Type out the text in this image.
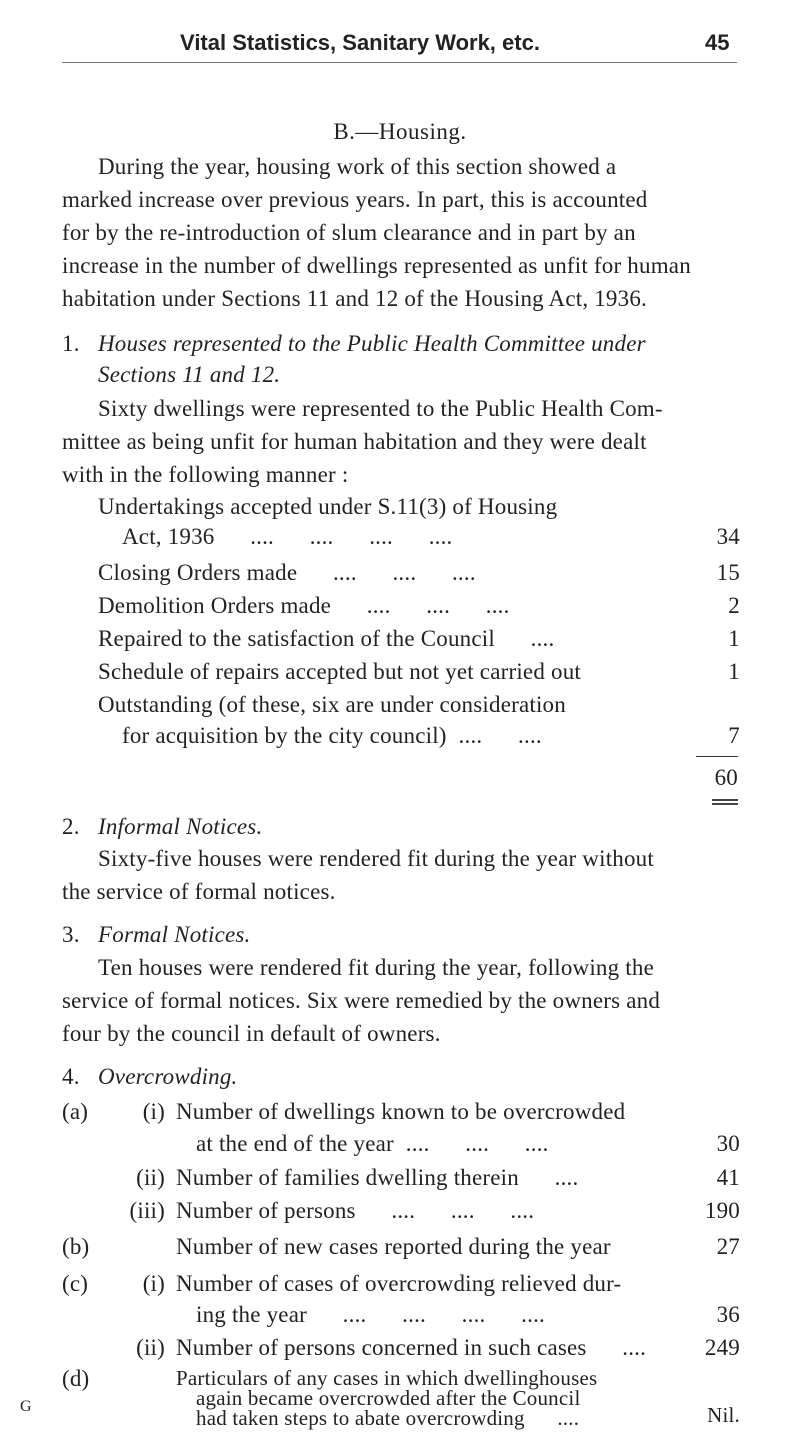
Vital Statistics, Sanitary Work, etc.	45
B.—Housing.
During the year, housing work of this section showed a
marked increase over previous years. In part, this is accounted
for by the re-introduction of slum clearance and in part by an
increase in the number of dwellings represented as unfit for human
habitation under Sections 11 and 12 of the Housing Act, 1936.
1. Houses represented to the Public Health Committee under
Sections 11 and 12.
Sixty dwellings were represented to the Public Health Com-
mittee as being unfit for human habitation and they were dealt
with in the following manner :
Undertakings accepted under S.11(3) of Housing
Act, 1936      ....      ....      ....      ....	34
Closing Orders made      ....      ....      ....	15
Demolition Orders made      ....      ....      ....	2
Repaired to the satisfaction of the Council      ....	1
Schedule of repairs accepted but not yet carried out	1
Outstanding (of these, six are under consideration
for acquisition by the city council)  ....      ....	7
60
2. Informal Notices.
Sixty-five houses were rendered fit during the year without
the service of formal notices.
3. Formal Notices.
Ten houses were rendered fit during the year, following the
service of formal notices. Six were remedied by the owners and
four by the council in default of owners.
4. Overcrowding.
(a)	(i) Number of dwellings known to be overcrowded
at the end of the year  ....      ....      ....	30
(ii) Number of families dwelling therein      ....	41
(iii) Number of persons      ....      ....      ....	190
(b)	Number of new cases reported during the year	27
(c)	(i) Number of cases of overcrowding relieved dur-
ing the year      ....      ....      ....      ....	36
(ii) Number of persons concerned in such cases      ....	249
(d)	Particulars of any cases in which dwellinghouses
again became overcrowded after the Council
had taken steps to abate overcrowding      ....	Nil.
G
